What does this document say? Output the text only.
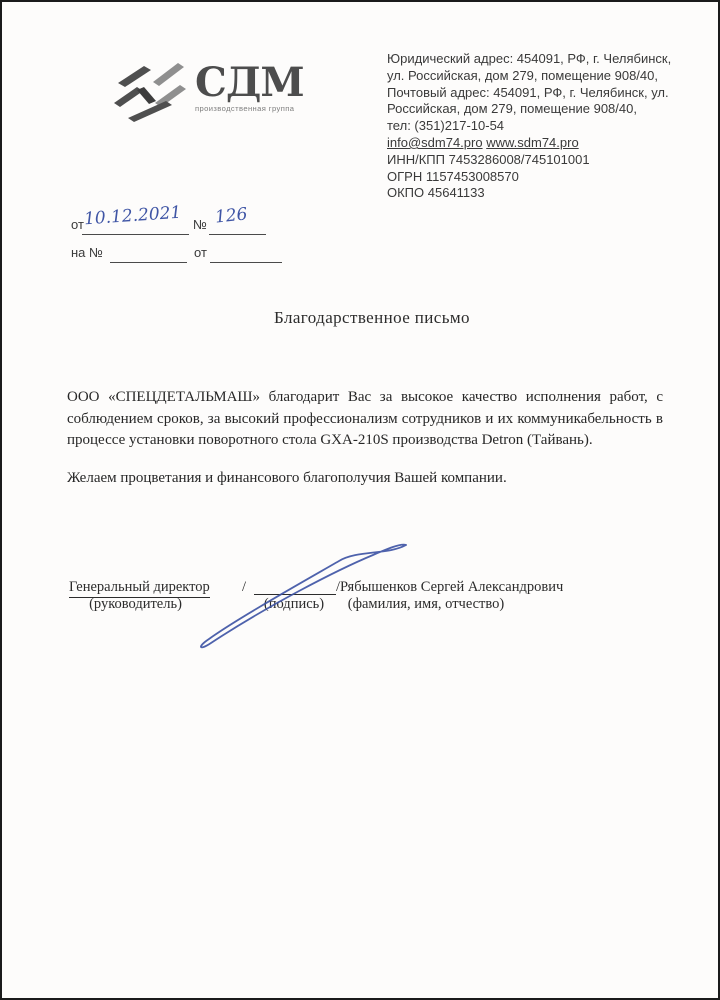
СДМ
производственная группа
Юридический адрес: 454091, РФ, г. Челябинск,
ул. Российская, дом 279, помещение 908/40,
Почтовый адрес: 454091, РФ, г. Челябинск, ул.
Российская, дом 279, помещение 908/40,
тел: (351)217-10-54
info@sdm74.pro www.sdm74.pro
ИНН/КПП 7453286008/745101001
ОГРН 1157453008570
ОКПО 45641133
от 10.12.2021 № 126
на №	от
Благодарственное письмо

ООО «СПЕЦДЕТАЛЬМАШ» благодарит Вас за высокое качество исполнения работ, с соблюдением сроков, за высокий профессионализм сотрудников и их коммуникабельность в процессе установки поворотного стола GXA-210S производства Detron (Тайвань).

Желаем процветания и финансового благополучия Вашей компании.

Генеральный директор /	/Рябышенков Сергей Александрович
(руководитель)	(подпись)	(фамилия, имя, отчество)
